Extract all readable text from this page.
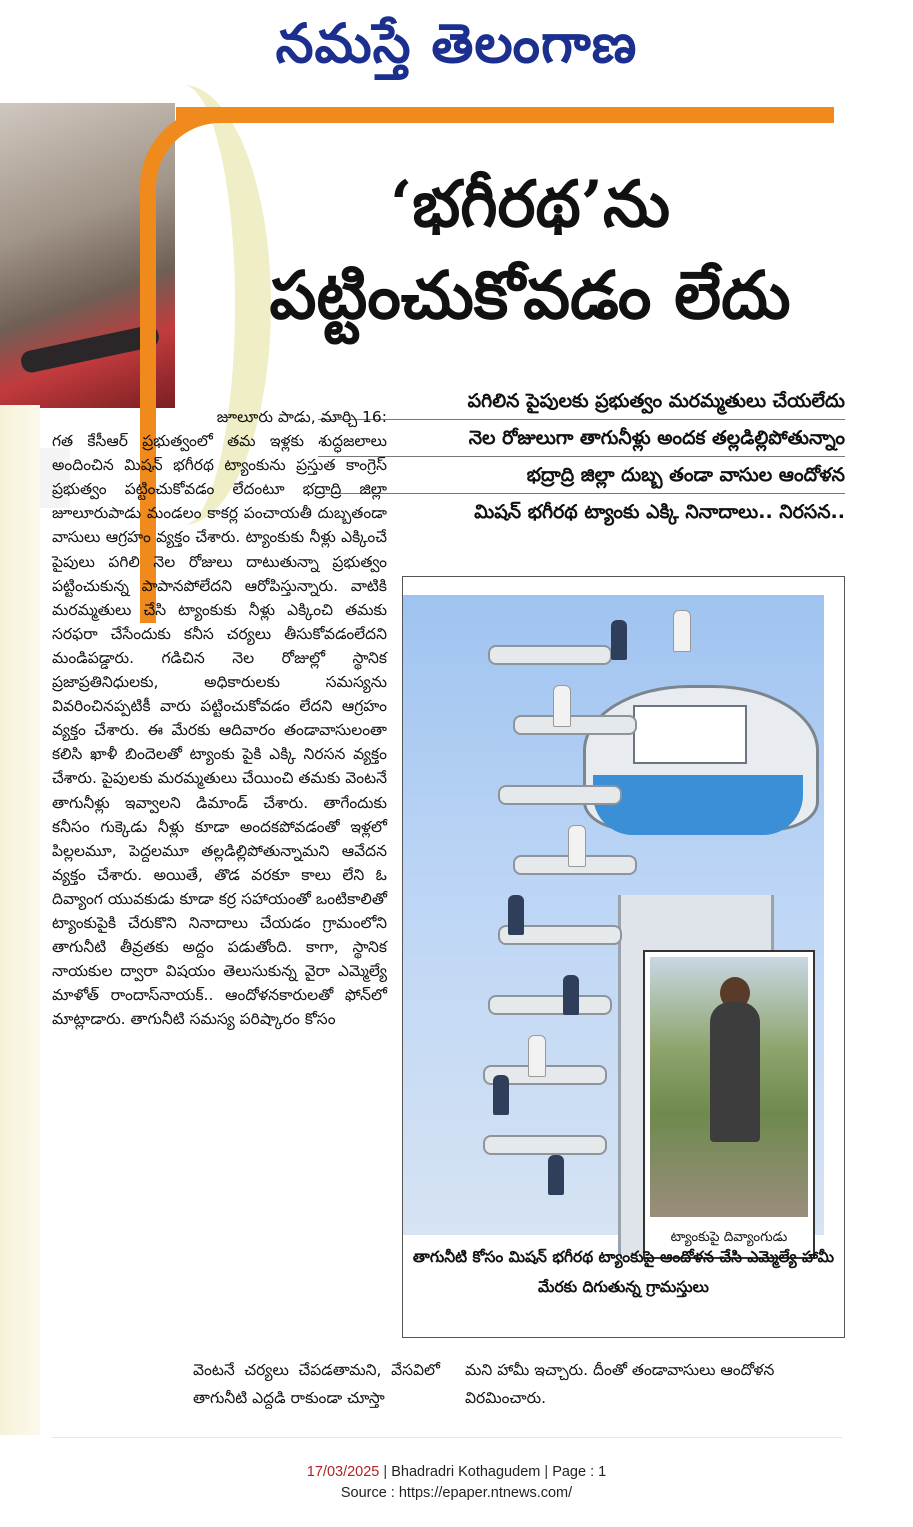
నమస్తే తెలంగాణ
‘భగీరథ’ను
పట్టించుకోవడం లేదు
పగిలిన పైపులకు ప్రభుత్వం మరమ్మతులు చేయలేదు
నెల రోజులుగా తాగునీళ్లు అందక తల్లడిల్లిపోతున్నాం
భద్రాద్రి జిల్లా దుబ్బ తండా వాసుల ఆందోళన
మిషన్ భగీరథ ట్యాంకు ఎక్కి నినాదాలు.. నిరసన..
జూలూరు పాడు, మార్చి 16:
గత కేసీఆర్ ప్రభుత్వంలో తమ ఇళ్లకు శుద్ధజలాలు అందించిన మిషన్ భగీరథ ట్యాంకును ప్రస్తుత కాంగ్రెస్ ప్రభుత్వం పట్టించుకోవడం లేదంటూ భద్రాద్రి జిల్లా జూలూరుపాడు మండలం కాకర్ల పంచాయతీ దుబ్బతండా వాసులు ఆగ్రహం వ్యక్తం చేశారు. ట్యాంకుకు నీళ్లు ఎక్కించే పైపులు పగిలి నెల రోజులు దాటుతున్నా ప్రభుత్వం పట్టించుకున్న పాపానపోలేదని ఆరోపిస్తున్నారు. వాటికి మరమ్మతులు చేసి ట్యాంకుకు నీళ్లు ఎక్కించి తమకు సరఫరా చేసేందుకు కనీస చర్యలు తీసుకోవడంలేదని మండిపడ్డారు. గడిచిన నెల రోజుల్లో స్థానిక ప్రజాప్రతినిధులకు, అధికారులకు సమస్యను వివరించినప్పటికీ వారు పట్టించుకోవడం లేదని ఆగ్రహం వ్యక్తం చేశారు. ఈ మేరకు ఆదివారం తండావాసులంతా కలిసి ఖాళీ బిందెలతో ట్యాంకు పైకి ఎక్కి నిరసన వ్యక్తం చేశారు. పైపులకు మరమ్మతులు చేయించి తమకు వెంటనే తాగునీళ్లు ఇవ్వాలని డిమాండ్ చేశారు. తాగేందుకు కనీసం గుక్కెడు నీళ్లు కూడా అందకపోవడంతో ఇళ్లలో పిల్లలమూ, పెద్దలమూ తల్లడిల్లిపోతున్నామని ఆవేదన వ్యక్తం చేశారు. అయితే, తొడ వరకూ కాలు లేని ఓ దివ్యాంగ యువకుడు కూడా కర్ర సహాయంతో ఒంటికాలితో ట్యాంకుపైకి చేరుకొని నినాదాలు చేయడం గ్రామంలోని తాగునీటి తీవ్రతకు అద్దం పడుతోంది. కాగా, స్థానిక నాయకుల ద్వారా విషయం తెలుసుకున్న వైరా ఎమ్మెల్యే మాళోత్ రాందాస్‌నాయక్.. ఆందోళనకారులతో ఫోన్‌లో మాట్లాడారు. తాగునీటి సమస్య పరిష్కారం కోసం
ట్యాంకుపై దివ్యాంగుడు
తాగునీటి కోసం మిషన్ భగీరథ ట్యాంకుపై ఆందోళన చేసి ఎమ్మెల్యే హామీ మేరకు దిగుతున్న గ్రామస్తులు
వెంటనే చర్యలు చేపడతామని, వేసవిలో తాగునీటి ఎద్దడి రాకుండా చూస్తా
మని హామీ ఇచ్చారు. దీంతో తండావాసులు ఆందోళన విరమించారు.
17/03/2025 | Bhadradri Kothagudem | Page : 1
Source : https://epaper.ntnews.com/
